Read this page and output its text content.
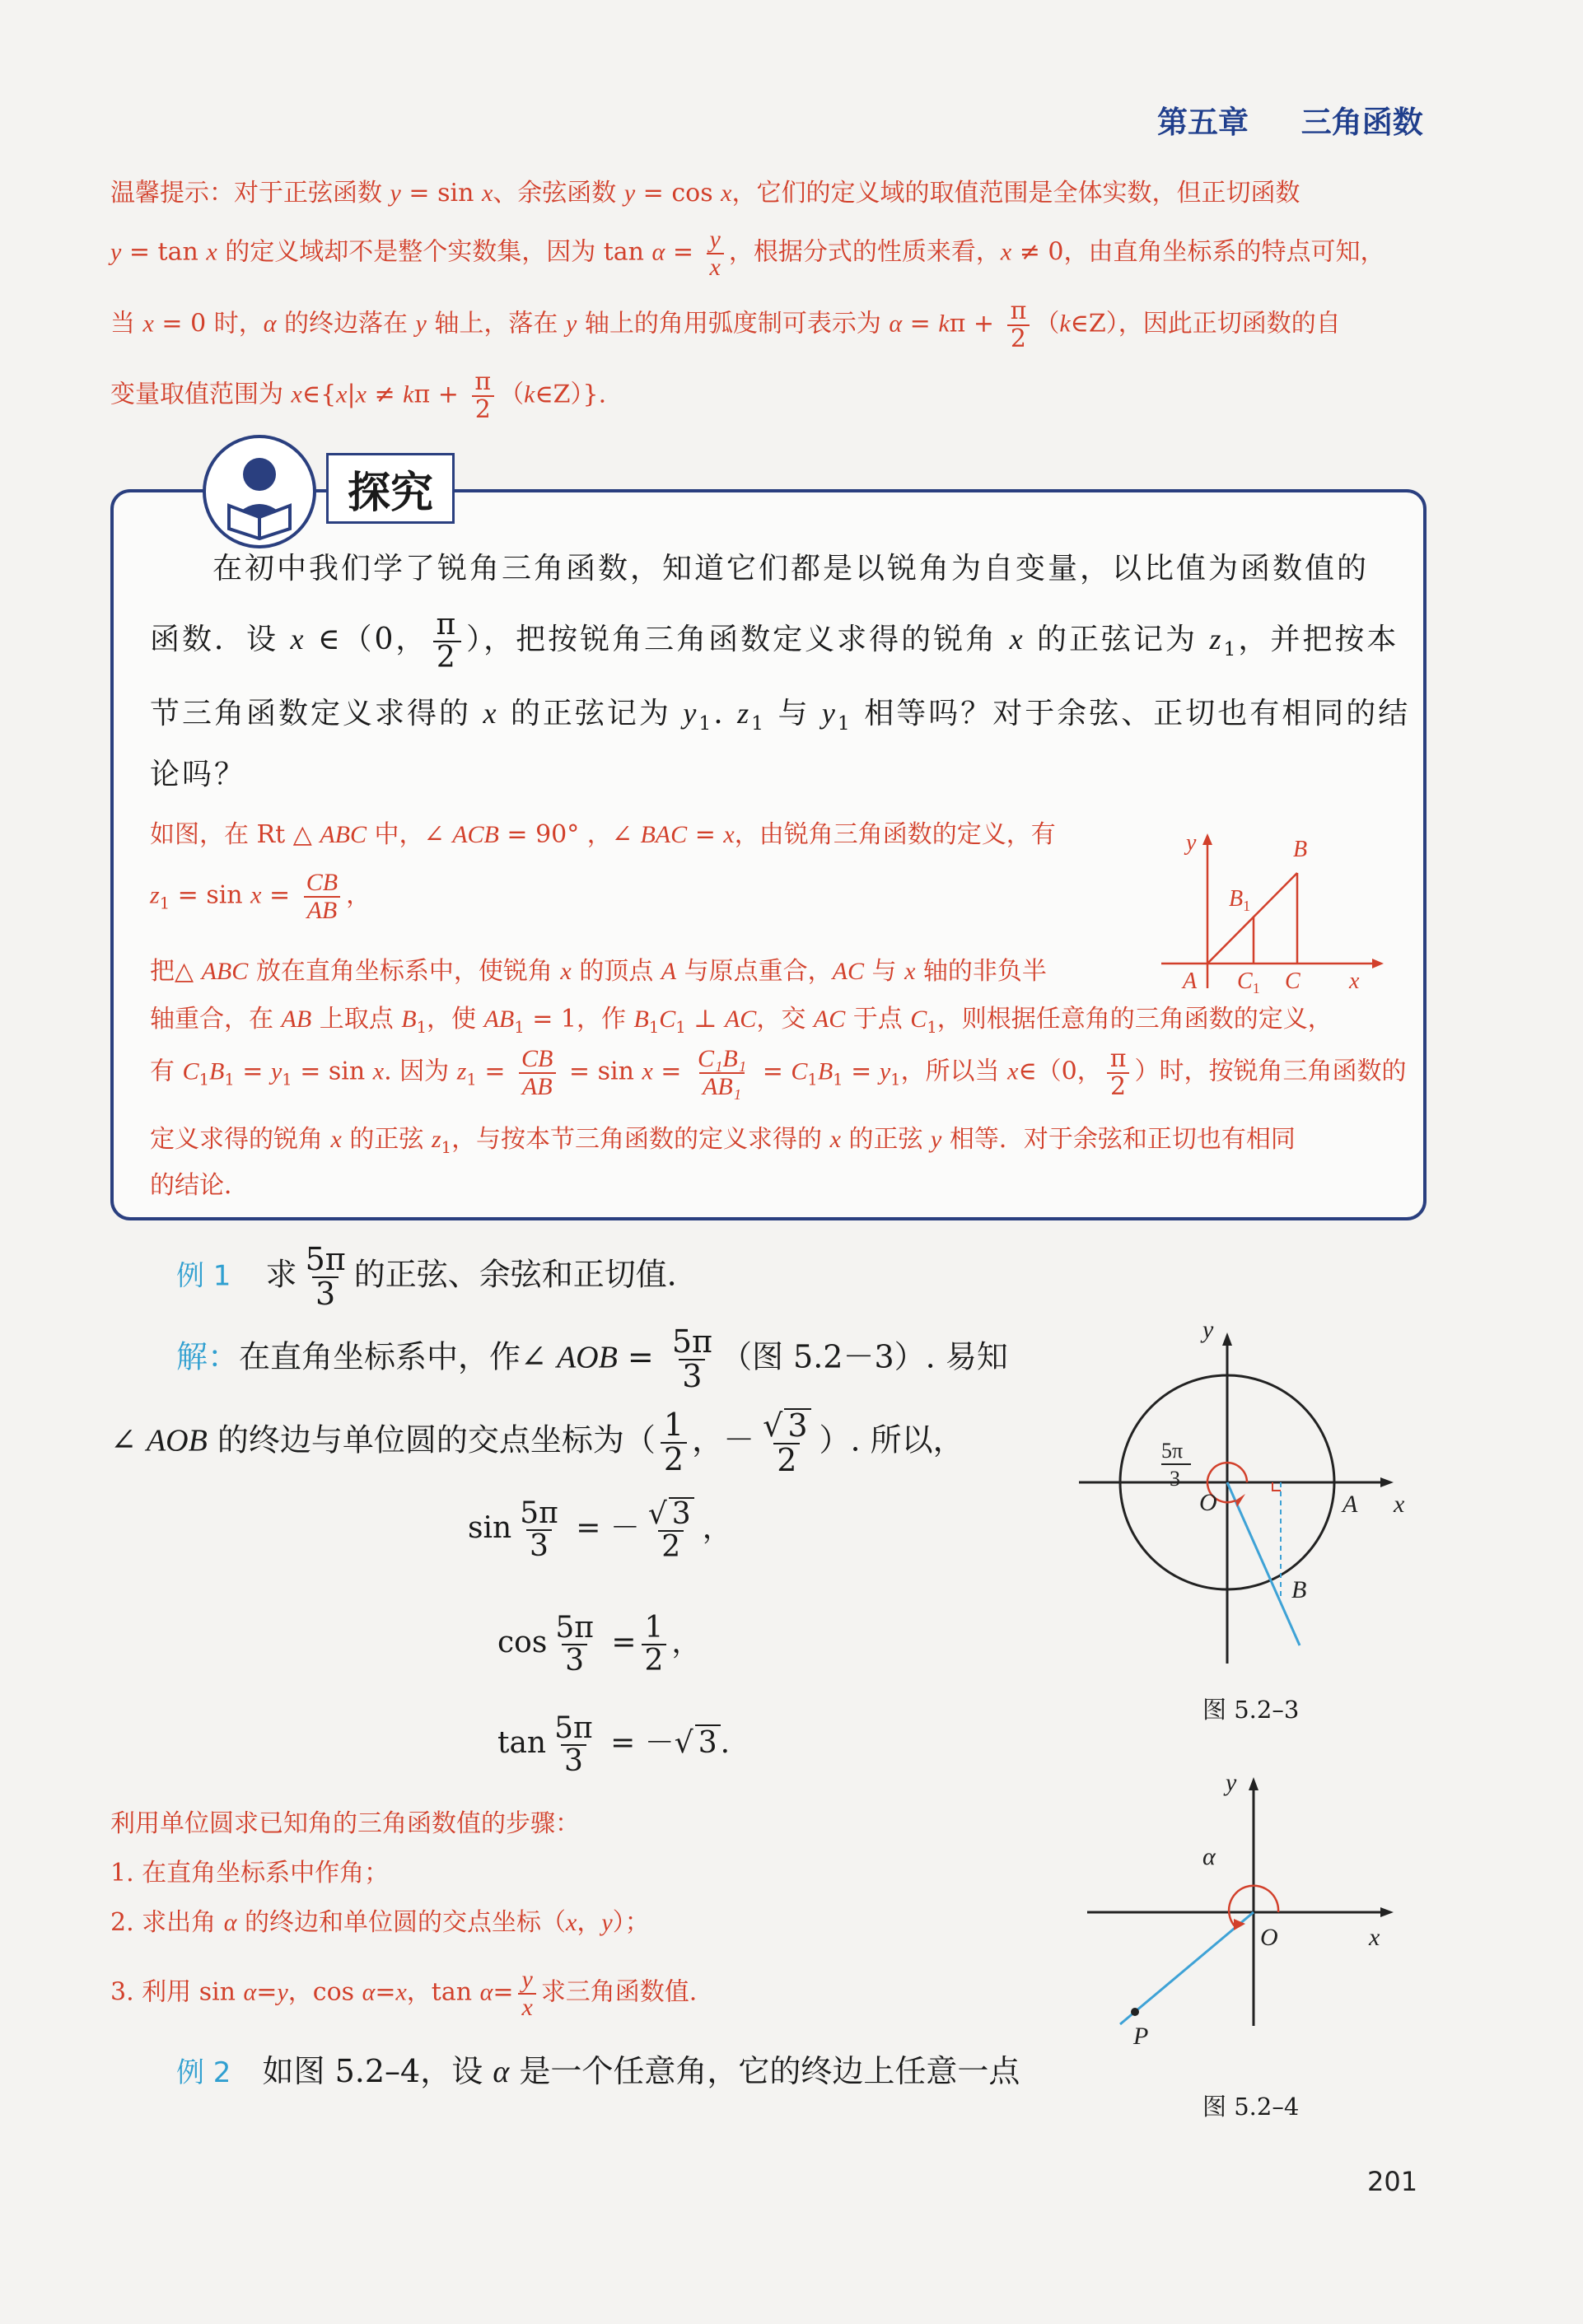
第五章 三角函数
温馨提示：对于正弦函数 y = sin x、余弦函数 y = cos x，它们的定义域的取值范围是全体实数，但正切函数
y = tan x 的定义域却不是整个实数集，因为 $\tan \alpha = \frac{y}{x}$ ，根据分式的性质来看，x ≠ 0，由直角坐标系的特点可知，
当 x = 0 时，α 的终边落在 y 轴上，落在 y 轴上的角用弧度制可表示为 $\alpha = k\pi + \frac{\pi}{2}$ （k∈Z），因此正切函数的自
变量取值范围为 x∈{x|x ≠ $k\pi + \frac{\pi}{2}$ （k∈Z）}.
探究
在初中我们学了锐角三角函数，知道它们都是以锐角为自变量，以比值为函数值的
函数．设 x ∈（0， $\frac{\pi}{2}$ ），把按锐角三角函数定义求得的锐角 x 的正弦记为 $z_1$，并把按本
节三角函数定义求得的 x 的正弦记为 $y_1$. $z_1$ 与 $y_1$ 相等吗？对于余弦、正切也有相同的结
论吗？
如图，在 Rt △ ABC 中，∠ ACB = 90° ，∠ BAC = x，由锐角三角函数的定义，有
$z_1 = \sin x = \frac{CB}{AB}$ ，
把△ ABC 放在直角坐标系中，使锐角 x 的顶点 A 与原点重合，AC 与 x 轴的非负半
轴重合，在 AB 上取点 $B_1$，使 $AB_1 = 1$，作 $B_1C_1$ ⊥ AC，交 AC 于点 $C_1$，则根据任意角的三角函数的定义，
有 $C_1B_1 = y_1 = \sin x$. 因为 $z_1 = \frac{CB}{AB} = \sin x = \frac{\text{C₁B₁}}{\text{AB₁}} = C_1B_1 = y_1$，所以当 x∈（0， $\frac{\pi}{2}$ ）时，按锐角三角函数的
定义求得的锐角 x 的正弦 $z_1$，与按本节三角函数的定义求得的 x 的正弦 y 相等．对于余弦和正切也有相同
的结论．
y
x
A
B
$B_1$
$C_1$ C
例 1 求 $\frac{5\pi}{3}$ 的正弦、余弦和正切值．
解：在直角坐标系中，作∠ AOB = $\frac{5\pi}{3}$ （图 5.2－3）. 易知
∠ AOB 的终边与单位圆的交点坐标为（ $\frac{1}{2}$ ，－ $\frac{√ 3}{2}$ ）. 所以，
$\sin \frac{5\pi}{3}$ = － $\frac{√ 3}{2}$ ，
$\cos \frac{5\pi}{3} = \frac{1}{2}$ ，
$\tan \frac{5\pi}{3}$ = －√ 3 .
y
x
O	A
B
5π
3
图 5.2–3
利用单位圆求已知角的三角函数值的步骤：
1. 在直角坐标系中作角；
2. 求出角 α 的终边和单位圆的交点坐标（x，y）；
3. 利用 sin α=y，cos α=x，$\tan \alpha= \frac{y}{x}$ 求三角函数值.
例 2 如图 5.2–4，设 α 是一个任意角，它的终边上任意一点
y
x
O
α
P
图 5.2–4
201
